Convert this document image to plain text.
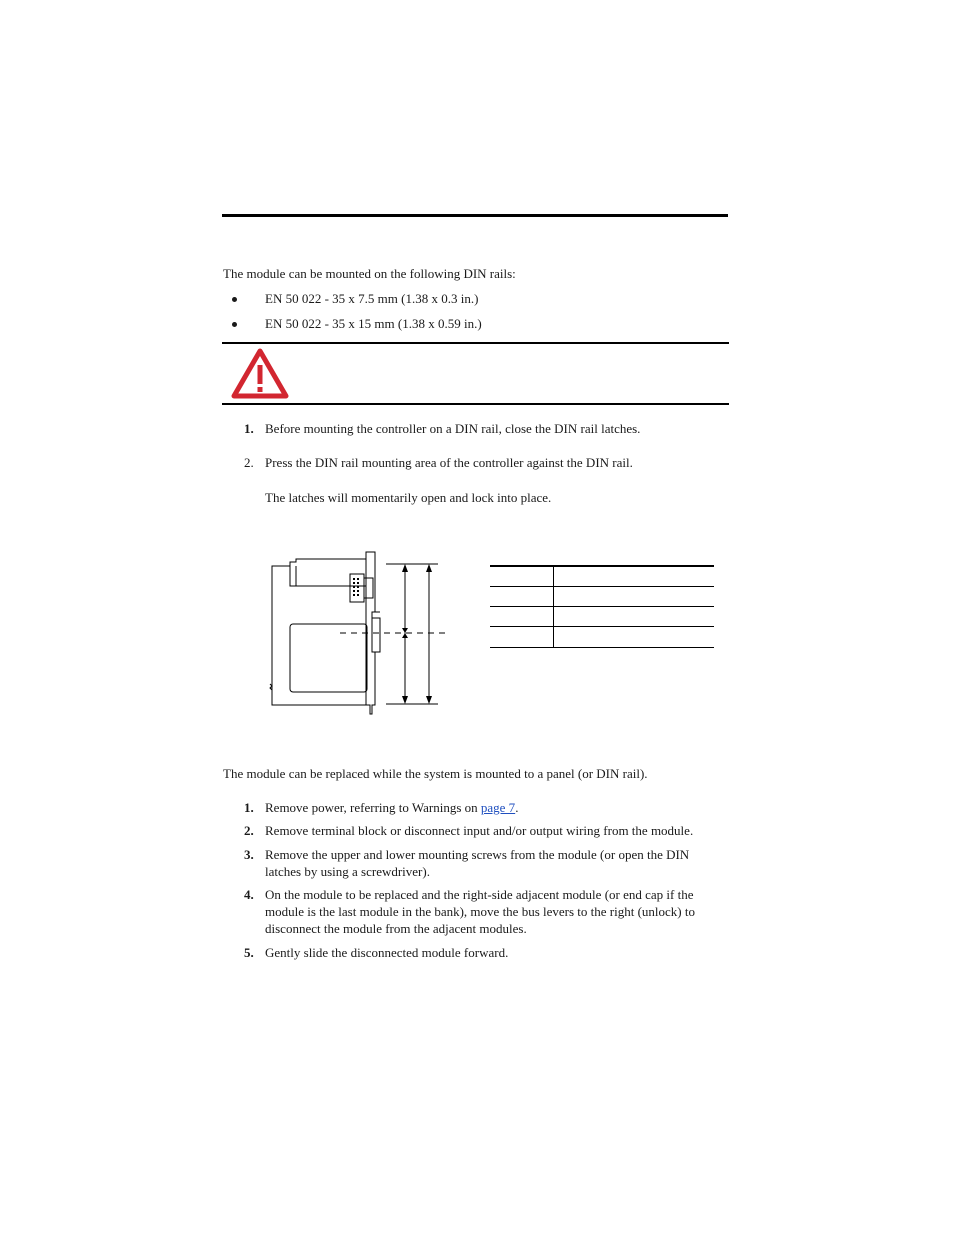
The module can be mounted on the following DIN rails:
EN 50 022 - 35 x 7.5 mm (1.38 x 0.3 in.)
EN 50 022 - 35 x 15 mm (1.38 x 0.59 in.)
1. Before mounting the controller on a DIN rail, close the DIN rail latches.
2. Press the DIN rail mounting area of the controller against the DIN rail.
The latches will momentarily open and lock into place.
The module can be replaced while the system is mounted to a panel (or DIN rail).
1. Remove power, referring to Warnings on page 7.
2. Remove terminal block or disconnect input and/or output wiring from the module.
3. Remove the upper and lower mounting screws from the module (or open the DIN latches by using a screwdriver).
4. On the module to be replaced and the right-side adjacent module (or end cap if the module is the last module in the bank), move the bus levers to the right (unlock) to disconnect the module from the adjacent modules.
5. Gently slide the disconnected module forward.
